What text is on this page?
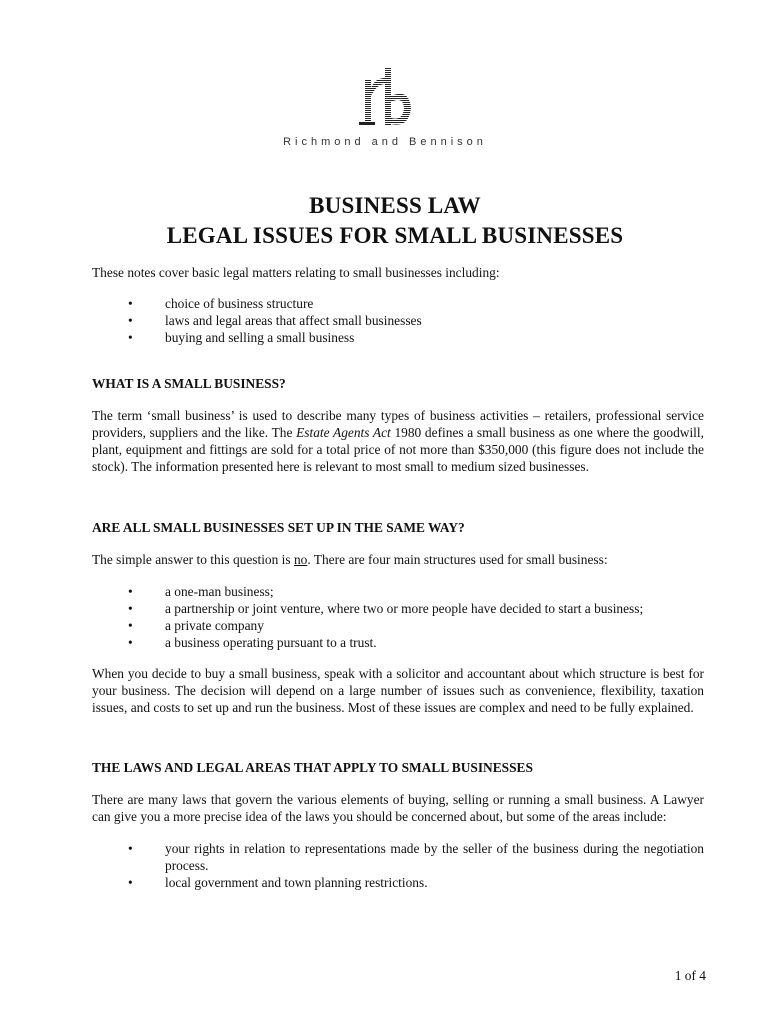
Richmond and Bennison
BUSINESS LAW
LEGAL ISSUES FOR SMALL BUSINESSES

These notes cover basic legal matters relating to small businesses including:

• choice of business structure
• laws and legal areas that affect small businesses
• buying and selling a small business

WHAT IS A SMALL BUSINESS?

The term ‘small business’ is used to describe many types of business activities – retailers, professional service providers, suppliers and the like. The Estate Agents Act 1980 defines a small business as one where the goodwill, plant, equipment and fittings are sold for a total price of not more than $350,000 (this figure does not include the stock). The information presented here is relevant to most small to medium sized businesses.

ARE ALL SMALL BUSINESSES SET UP IN THE SAME WAY?

The simple answer to this question is no. There are four main structures used for small business:

• a one-man business;
• a partnership or joint venture, where two or more people have decided to start a business;
• a private company
• a business operating pursuant to a trust.

When you decide to buy a small business, speak with a solicitor and accountant about which structure is best for your business. The decision will depend on a large number of issues such as convenience, flexibility, taxation issues, and costs to set up and run the business. Most of these issues are complex and need to be fully explained.

THE LAWS AND LEGAL AREAS THAT APPLY TO SMALL BUSINESSES

There are many laws that govern the various elements of buying, selling or running a small business. A Lawyer can give you a more precise idea of the laws you should be concerned about, but some of the areas include:

• your rights in relation to representations made by the seller of the business during the negotiation process.
• local government and town planning restrictions.
1 of 4
